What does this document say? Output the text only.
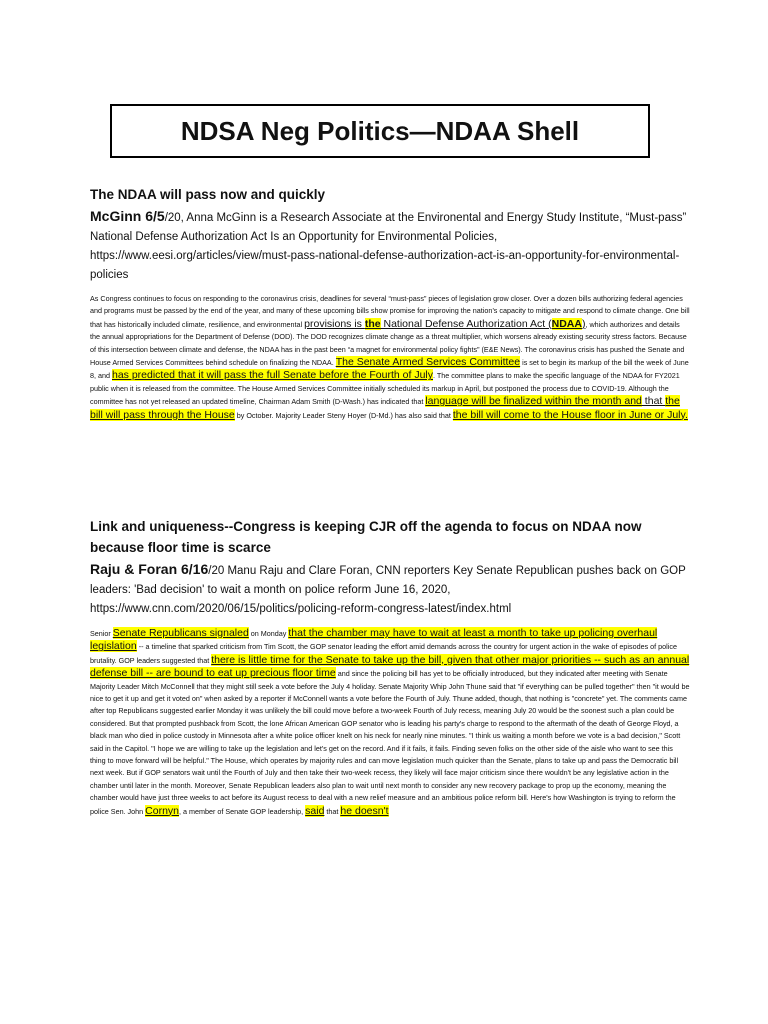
NDSA Neg Politics—NDAA Shell

The NDAA will pass now and quickly

McGinn 6/5/20, Anna McGinn is a Research Associate at the Environental and Energy Study Institute, “Must-pass” National Defense Authorization Act Is an Opportunity for Environmental Policies, https://www.eesi.org/articles/view/must-pass-national-defense-authorization-act-is-an-opportunity-for-environmental-policies

As Congress continues to focus on responding to the coronavirus crisis, deadlines for several “must-pass” pieces of legislation grow closer. Over a dozen bills authorizing federal agencies and programs must be passed by the end of the year, and many of these upcoming bills show promise for improving the nation’s capacity to mitigate and respond to climate change. One bill that has historically included climate, resilience, and environmental provisions is the National Defense Authorization Act (NDAA), which authorizes and details the annual appropriations for the Department of Defense (DOD). The DOD recognizes climate change as a threat multiplier, which worsens already existing security stress factors. Because of this intersection between climate and defense, the NDAA has in the past been “a magnet for environmental policy fights” (E&E News). The coronavirus crisis has pushed the Senate and House Armed Services Committees behind schedule on finalizing the NDAA. The Senate Armed Services Committee is set to begin its markup of the bill the week of June 8, and has predicted that it will pass the full Senate before the Fourth of July. The committee plans to make the specific language of the NDAA for FY2021 public when it is released from the committee. The House Armed Services Committee initially scheduled its markup in April, but postponed the process due to COVID-19. Although the committee has not yet released an updated timeline, Chairman Adam Smith (D-Wash.) has indicated that language will be finalized within the month and that the bill will pass through the House by October. Majority Leader Steny Hoyer (D-Md.) has also said that the bill will come to the House floor in June or July.

Link and uniqueness--Congress is keeping CJR off the agenda to focus on NDAA now because floor time is scarce

Raju & Foran 6/16/20 Manu Raju and Clare Foran, CNN reporters Key Senate Republican pushes back on GOP leaders: 'Bad decision' to wait a month on police reform June 16, 2020, https://www.cnn.com/2020/06/15/politics/policing-reform-congress-latest/index.html

Senior Senate Republicans signaled on Monday that the chamber may have to wait at least a month to take up policing overhaul legislation -- a timeline that sparked criticism from Tim Scott, the GOP senator leading the effort amid demands across the country for urgent action in the wake of episodes of police brutality. GOP leaders suggested that there is little time for the Senate to take up the bill, given that other major priorities -- such as an annual defense bill -- are bound to eat up precious floor time and since the policing bill has yet to be officially introduced, but they indicated after meeting with Senate Majority Leader Mitch McConnell that they might still seek a vote before the July 4 holiday. Senate Majority Whip John Thune said that "if everything can be pulled together" then "it would be nice to get it up and get it voted on" when asked by a reporter if McConnell wants a vote before the Fourth of July. Thune added, though, that nothing is "concrete" yet. The comments came after top Republicans suggested earlier Monday it was unlikely the bill could move before a two-week Fourth of July recess, meaning July 20 would be the soonest such a plan could be considered. But that prompted pushback from Scott, the lone African American GOP senator who is leading his party's charge to respond to the aftermath of the death of George Floyd, a black man who died in police custody in Minnesota after a white police officer knelt on his neck for nearly nine minutes. "I think us waiting a month before we vote is a bad decision," Scott said in the Capitol. "I hope we are willing to take up the legislation and let's get on the record. And if it fails, it fails. Finding seven folks on the other side of the aisle who want to see this thing to move forward will be helpful." The House, which operates by majority rules and can move legislation much quicker than the Senate, plans to take up and pass the Democratic bill next week. But if GOP senators wait until the Fourth of July and then take their two-week recess, they likely will face major criticism since there wouldn't be any legislative action in the chamber until later in the month. Moreover, Senate Republican leaders also plan to wait until next month to consider any new recovery package to prop up the economy, meaning the chamber would have just three weeks to act before its August recess to deal with a new relief measure and an ambitious police reform bill. Here's how Washington is trying to reform the police Sen. John Cornyn, a member of Senate GOP leadership, said that he doesn't
